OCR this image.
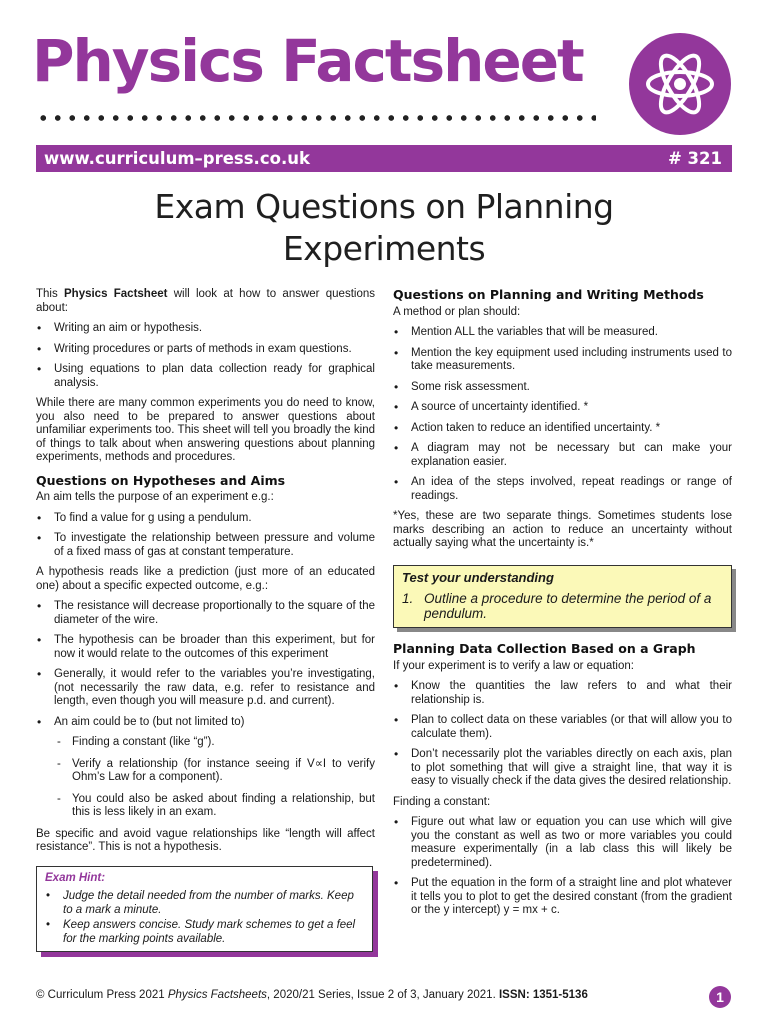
Physics Factsheet
www.curriculum–press.co.uk	# 321
Exam Questions on Planning
Experiments

This Physics Factsheet will look at how to answer questions about:

• Writing an aim or hypothesis.
• Writing procedures or parts of methods in exam questions.
• Using equations to plan data collection ready for graphical analysis.

While there are many common experiments you do need to know, you also need to be prepared to answer questions about unfamiliar experiments too. This sheet will tell you broadly the kind of things to talk about when answering questions about planning experiments, methods and procedures.

Questions on Hypotheses and Aims

An aim tells the purpose of an experiment e.g.:

• To find a value for g using a pendulum.
• To investigate the relationship between pressure and volume of a fixed mass of gas at constant temperature.

A hypothesis reads like a prediction (just more of an educated one) about a specific expected outcome, e.g.:

• The resistance will decrease proportionally to the square of the diameter of the wire.
• The hypothesis can be broader than this experiment, but for now it would relate to the outcomes of this experiment
• Generally, it would refer to the variables you’re investigating, (not necessarily the raw data, e.g. refer to resistance and length, even though you will measure p.d. and current).
• An aim could be to (but not limited to)
- Finding a constant (like “g”).
- Verify a relationship (for instance seeing if V∝I to verify Ohm’s Law for a component).
- You could also be asked about finding a relationship, but this is less likely in an exam.

Be specific and avoid vague relationships like “length will affect resistance”. This is not a hypothesis.

Exam Hint:
• Judge the detail needed from the number of marks. Keep to a mark a minute.
• Keep answers concise. Study mark schemes to get a feel for the marking points available.
Questions on Planning and Writing Methods

A method or plan should:

• Mention ALL the variables that will be measured.
• Mention the key equipment used including instruments used to take measurements.
• Some risk assessment.
• A source of uncertainty identified. *
• Action taken to reduce an identified uncertainty. *
• A diagram may not be necessary but can make your explanation easier.
• An idea of the steps involved, repeat readings or range of readings.

*Yes, these are two separate things. Sometimes students lose marks describing an action to reduce an uncertainty without actually saying what the uncertainty is.*

Test your understanding
1. Outline a procedure to determine the period of a pendulum.
Planning Data Collection Based on a Graph

If your experiment is to verify a law or equation:

• Know the quantities the law refers to and what their relationship is.
• Plan to collect data on these variables (or that will allow you to calculate them).
• Don’t necessarily plot the variables directly on each axis, plan to plot something that will give a straight line, that way it is easy to visually check if the data gives the desired relationship.

Finding a constant:

• Figure out what law or equation you can use which will give you the constant as well as two or more variables you could measure experimentally (in a lab class this will likely be predetermined).
• Put the equation in the form of a straight line and plot whatever it tells you to plot to get the desired constant (from the gradient or the y intercept) y = mx + c.
© Curriculum Press 2021 Physics Factsheets, 2020/21 Series, Issue 2 of 3, January 2021. ISSN: 1351-5136	1
